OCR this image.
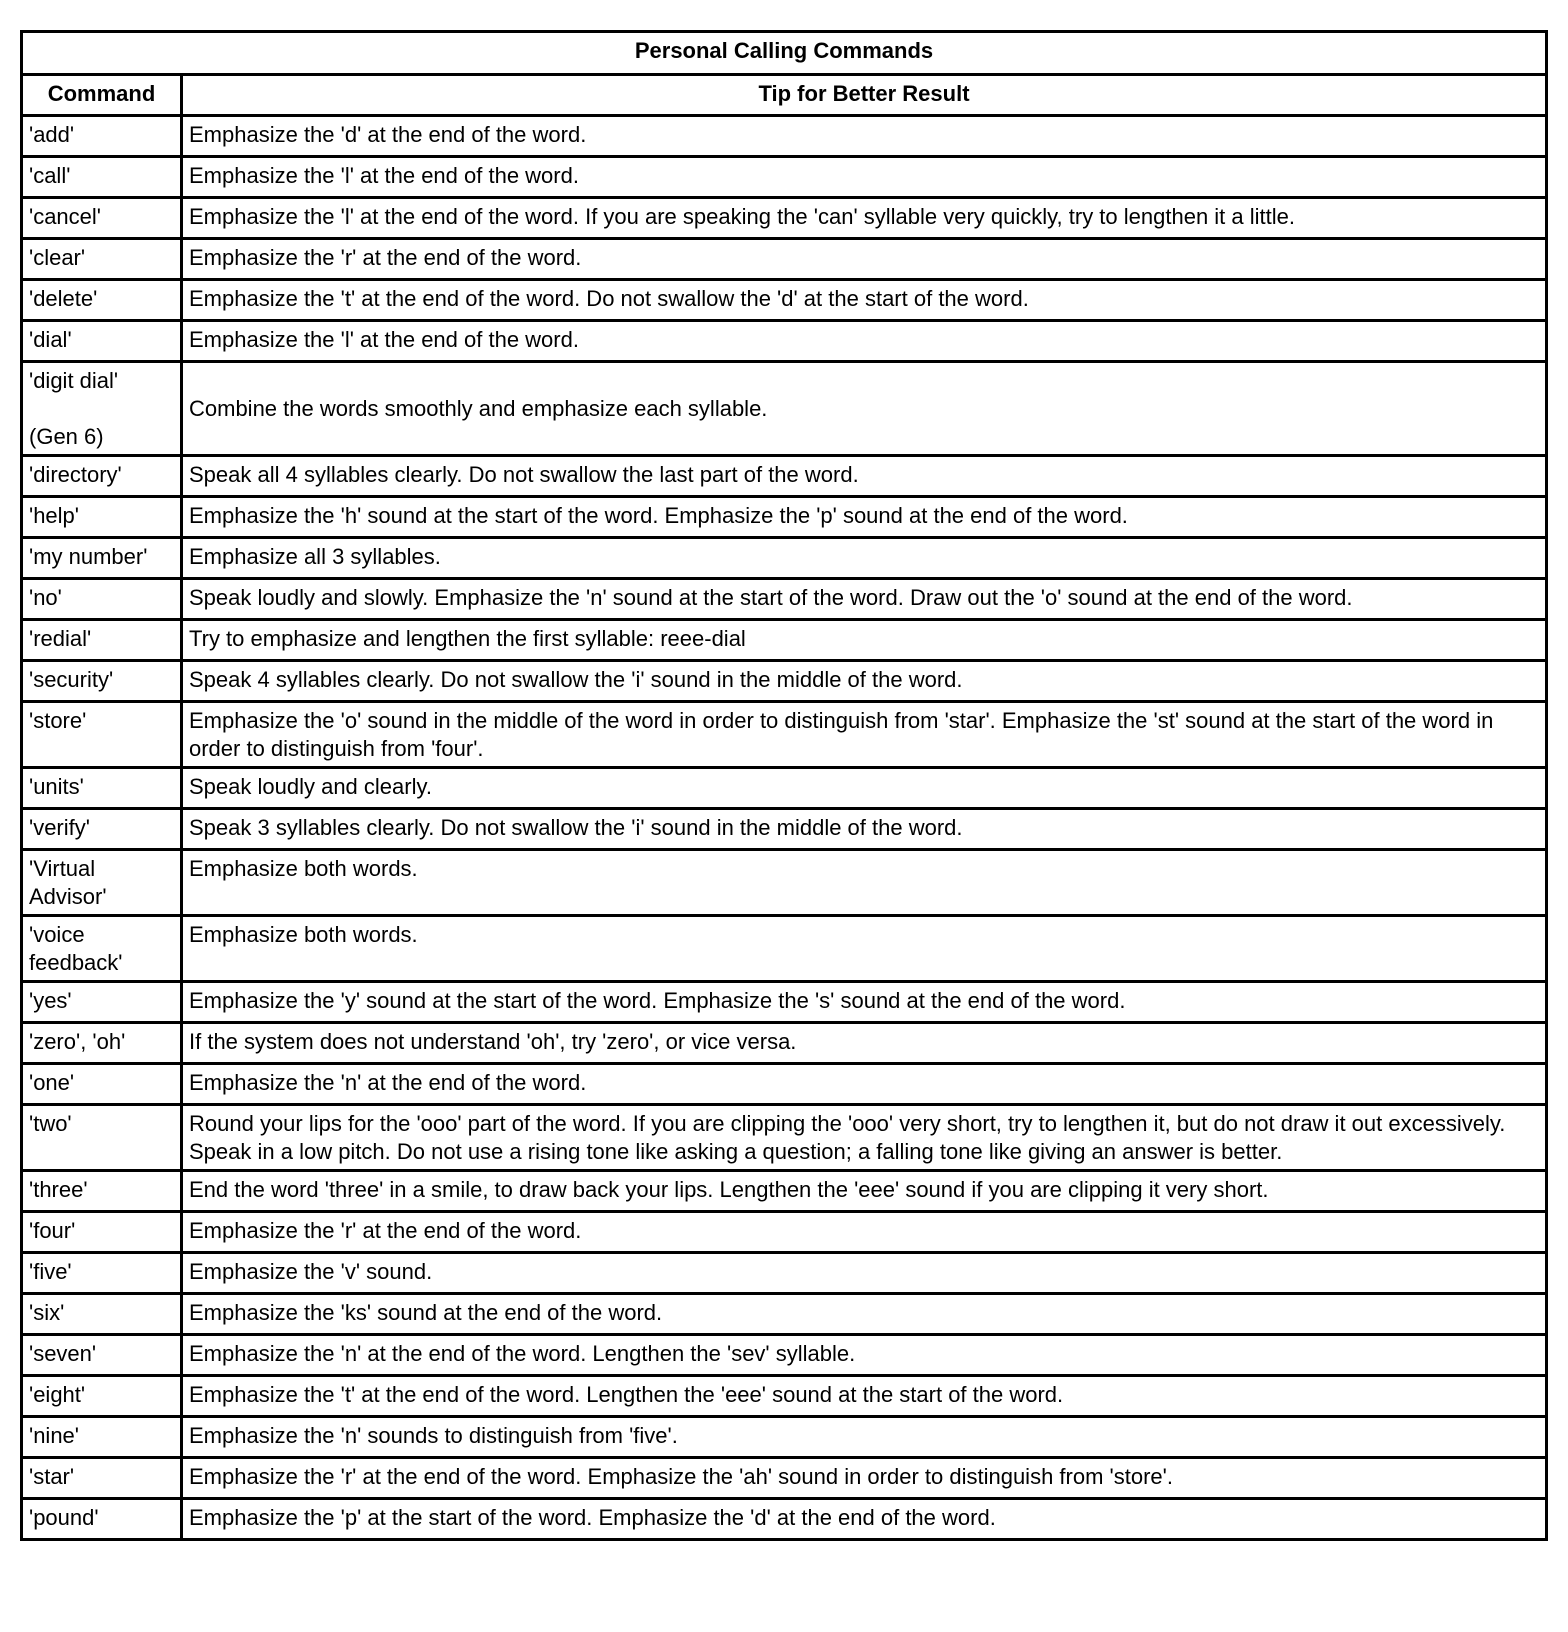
Personal Calling Commands	
Command	Tip for Better Result
'add'	Emphasize the 'd' at the end of the word.
'call'	Emphasize the 'l' at the end of the word.
'cancel'	Emphasize the 'l' at the end of the word. If you are speaking the 'can' syllable very quickly, try to lengthen it a little.
'clear'	Emphasize the 'r' at the end of the word.
'delete'	Emphasize the 't' at the end of the word. Do not swallow the 'd' at the start of the word.
'dial'	Emphasize the 'l' at the end of the word.
'digit dial'

(Gen 6)	Combine the words smoothly and emphasize each syllable.
'directory'	Speak all 4 syllables clearly. Do not swallow the last part of the word.
'help'	Emphasize the 'h' sound at the start of the word. Emphasize the 'p' sound at the end of the word.
'my number'	Emphasize all 3 syllables.
'no'	Speak loudly and slowly. Emphasize the 'n' sound at the start of the word. Draw out the 'o' sound at the end of the word.
'redial'	Try to emphasize and lengthen the first syllable: reee-dial
'security'	Speak 4 syllables clearly. Do not swallow the 'i' sound in the middle of the word.
'store'	Emphasize the 'o' sound in the middle of the word in order to distinguish from 'star'. Emphasize the 'st' sound at the start of the word in order to distinguish from 'four'.
'units'	Speak loudly and clearly.
'verify'	Speak 3 syllables clearly. Do not swallow the 'i' sound in the middle of the word.
'Virtual Advisor'	Emphasize both words.
'voice feedback'	Emphasize both words.
'yes'	Emphasize the 'y' sound at the start of the word. Emphasize the 's' sound at the end of the word.
'zero', 'oh'	If the system does not understand 'oh', try 'zero', or vice versa.
'one'	Emphasize the 'n' at the end of the word.
'two'	Round your lips for the 'ooo' part of the word. If you are clipping the 'ooo' very short, try to lengthen it, but do not draw it out excessively. Speak in a low pitch. Do not use a rising tone like asking a question; a falling tone like giving an answer is better.
'three'	End the word 'three' in a smile, to draw back your lips. Lengthen the 'eee' sound if you are clipping it very short.
'four'	Emphasize the 'r' at the end of the word.
'five'	Emphasize the 'v' sound.
'six'	Emphasize the 'ks' sound at the end of the word.
'seven'	Emphasize the 'n' at the end of the word. Lengthen the 'sev' syllable.
'eight'	Emphasize the 't' at the end of the word. Lengthen the 'eee' sound at the start of the word.
'nine'	Emphasize the 'n' sounds to distinguish from 'five'.
'star'	Emphasize the 'r' at the end of the word. Emphasize the 'ah' sound in order to distinguish from 'store'.
'pound'	Emphasize the 'p' at the start of the word. Emphasize the 'd' at the end of the word.
